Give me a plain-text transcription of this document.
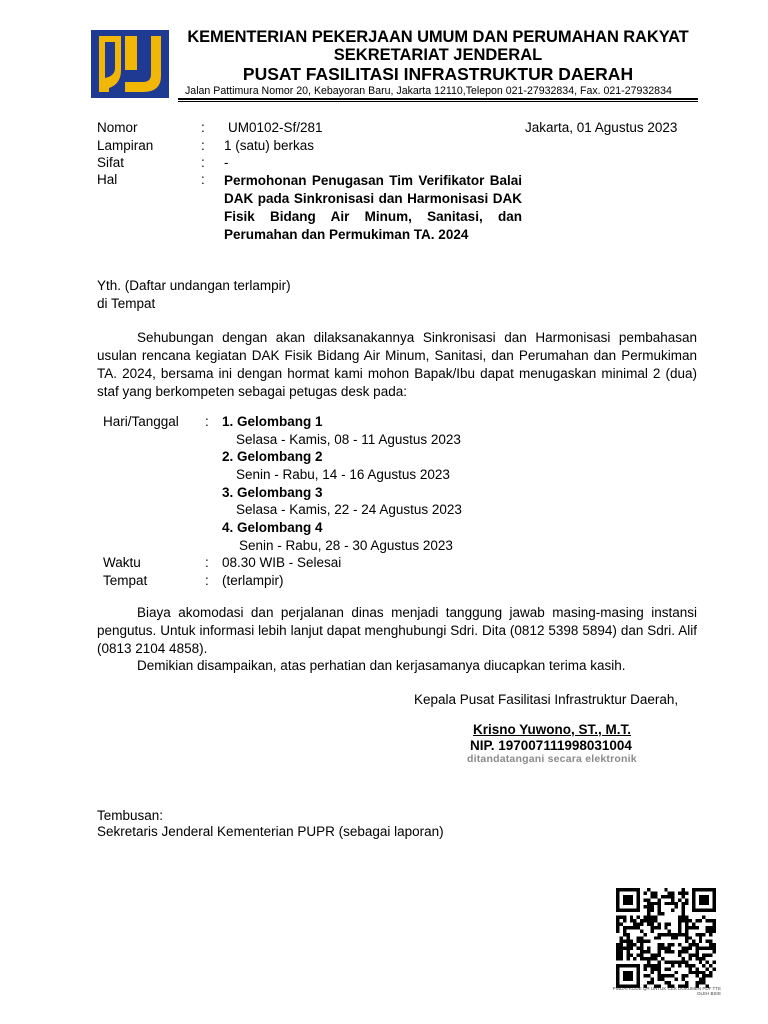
KEMENTERIAN PEKERJAAN UMUM DAN PERUMAHAN RAKYAT
SEKRETARIAT JENDERAL
PUSAT FASILITASI INFRASTRUKTUR DAERAH
Jalan Pattimura Nomor 20, Kebayoran Baru, Jakarta 12110,Telepon 021-27932834, Fax. 021-27932834
Nomor	: UM0102-Sf/281	Jakarta, 01 Agustus 2023
Lampiran	: 1 (satu) berkas
Sifat	: -
Hal	: Permohonan Penugasan Tim Verifikator Balai DAK pada Sinkronisasi dan Harmonisasi DAK Fisik Bidang Air Minum, Sanitasi, dan Perumahan dan Permukiman TA. 2024
Yth. (Daftar undangan terlampir)
di Tempat
Sehubungan dengan akan dilaksanakannya Sinkronisasi dan Harmonisasi pembahasan usulan rencana kegiatan DAK Fisik Bidang Air Minum, Sanitasi, dan Perumahan dan Permukiman TA. 2024, bersama ini dengan hormat kami mohon Bapak/Ibu dapat menugaskan minimal 2 (dua) staf yang berkompeten sebagai petugas desk pada:
Hari/Tanggal : 1. Gelombang 1
Selasa - Kamis, 08 - 11 Agustus 2023
2. Gelombang 2
Senin - Rabu, 14 - 16 Agustus 2023
3. Gelombang 3
Selasa - Kamis, 22 - 24 Agustus 2023
4. Gelombang 4
Senin - Rabu, 28 - 30 Agustus 2023
Waktu	: 08.30 WIB - Selesai
Tempat	: (terlampir)
Biaya akomodasi dan perjalanan dinas menjadi tanggung jawab masing-masing instansi pengutus. Untuk informasi lebih lanjut dapat menghubungi Sdri. Dita (0812 5398 5894) dan Sdri. Alif (0813 2104 4858).
Demikian disampaikan, atas perhatian dan kerjasamanya diucapkan terima kasih.
Kepala Pusat Fasilitasi Infrastruktur Daerah,
Krisno Yuwono, ST., M.T.
NIP. 197007111998031004
ditandatangani secara elektronik
Tembusan:
Sekretaris Jenderal Kementerian PUPR (sebagai laporan)
PINDAI KODE QR UNTUK CEK DOKUMEN PDF TTE OLEH BSrE
